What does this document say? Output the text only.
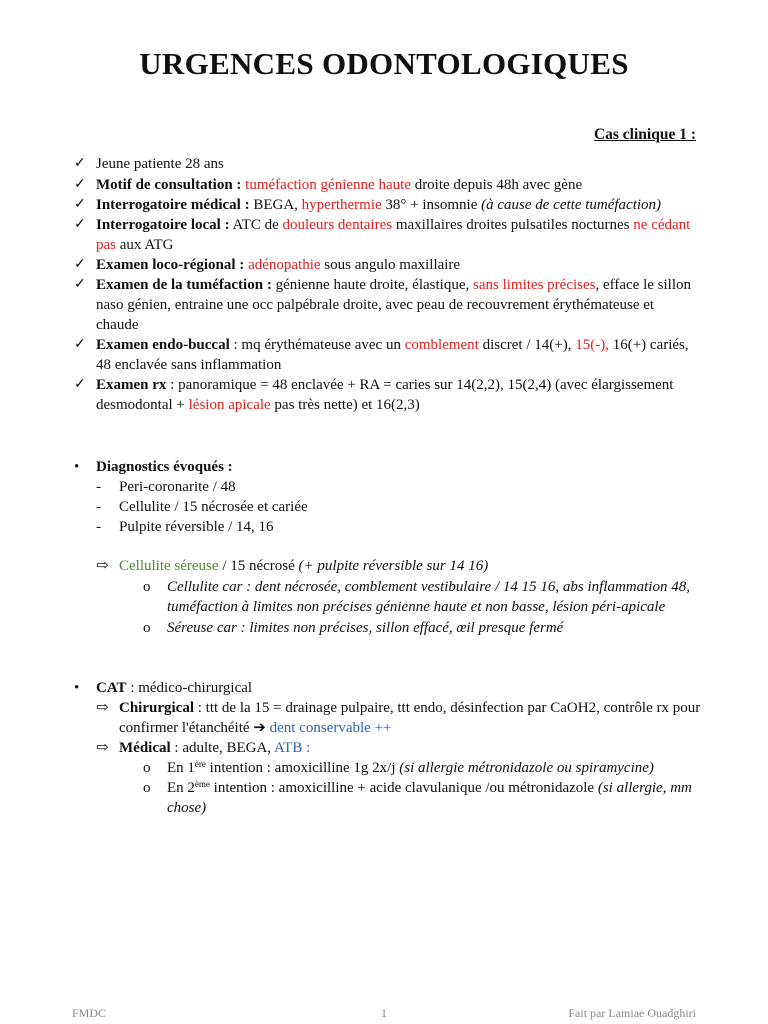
URGENCES ODONTOLOGIQUES
Cas clinique 1 :
✓ Jeune patiente 28 ans
✓ Motif de consultation : tuméfaction génienne haute droite depuis 48h avec gène
✓ Interrogatoire médical : BEGA, hyperthermie 38° + insomnie (à cause de cette tuméfaction)
✓ Interrogatoire local : ATC de douleurs dentaires maxillaires droites pulsatiles nocturnes ne cédant pas aux ATG
✓ Examen loco-régional : adénopathie sous angulo maxillaire
✓ Examen de la tuméfaction : génienne haute droite, élastique, sans limites précises, efface le sillon naso génien, entraine une occ palpébrale droite, avec peau de recouvrement érythémateuse et chaude
✓ Examen endo-buccal : mq érythémateuse avec un comblement discret / 14(+), 15(-), 16(+) cariés, 48 enclavée sans inflammation
✓ Examen rx : panoramique = 48 enclavée + RA = caries sur 14(2,2), 15(2,4) (avec élargissement desmodontal + lésion apicale pas très nette) et 16(2,3)
• Diagnostics évoqués :
- Peri-coronarite / 48
- Cellulite / 15 nécrosée et cariée
- Pulpite réversible / 14, 16
⇨ Cellulite séreuse / 15 nécrosé (+ pulpite réversible sur 14 16)
o Cellulite car : dent nécrosée, comblement vestibulaire / 14 15 16, abs inflammation 48, tuméfaction à limites non précises génienne haute et non basse, lésion péri-apicale
o Séreuse car : limites non précises, sillon effacé, œil presque fermé
• CAT : médico-chirurgical
⇨ Chirurgical : ttt de la 15 = drainage pulpaire, ttt endo, désinfection par CaOH2, contrôle rx pour confirmer l'étanchéité ➔ dent conservable ++
⇨ Médical : adulte, BEGA, ATB :
o En 1ère intention : amoxicilline 1g 2x/j (si allergie métronidazole ou spiramycine)
o En 2ème intention : amoxicilline + acide clavulanique /ou métronidazole (si allergie, mm chose)
FMDC	1	Fait par Lamiae Ouadghiri
